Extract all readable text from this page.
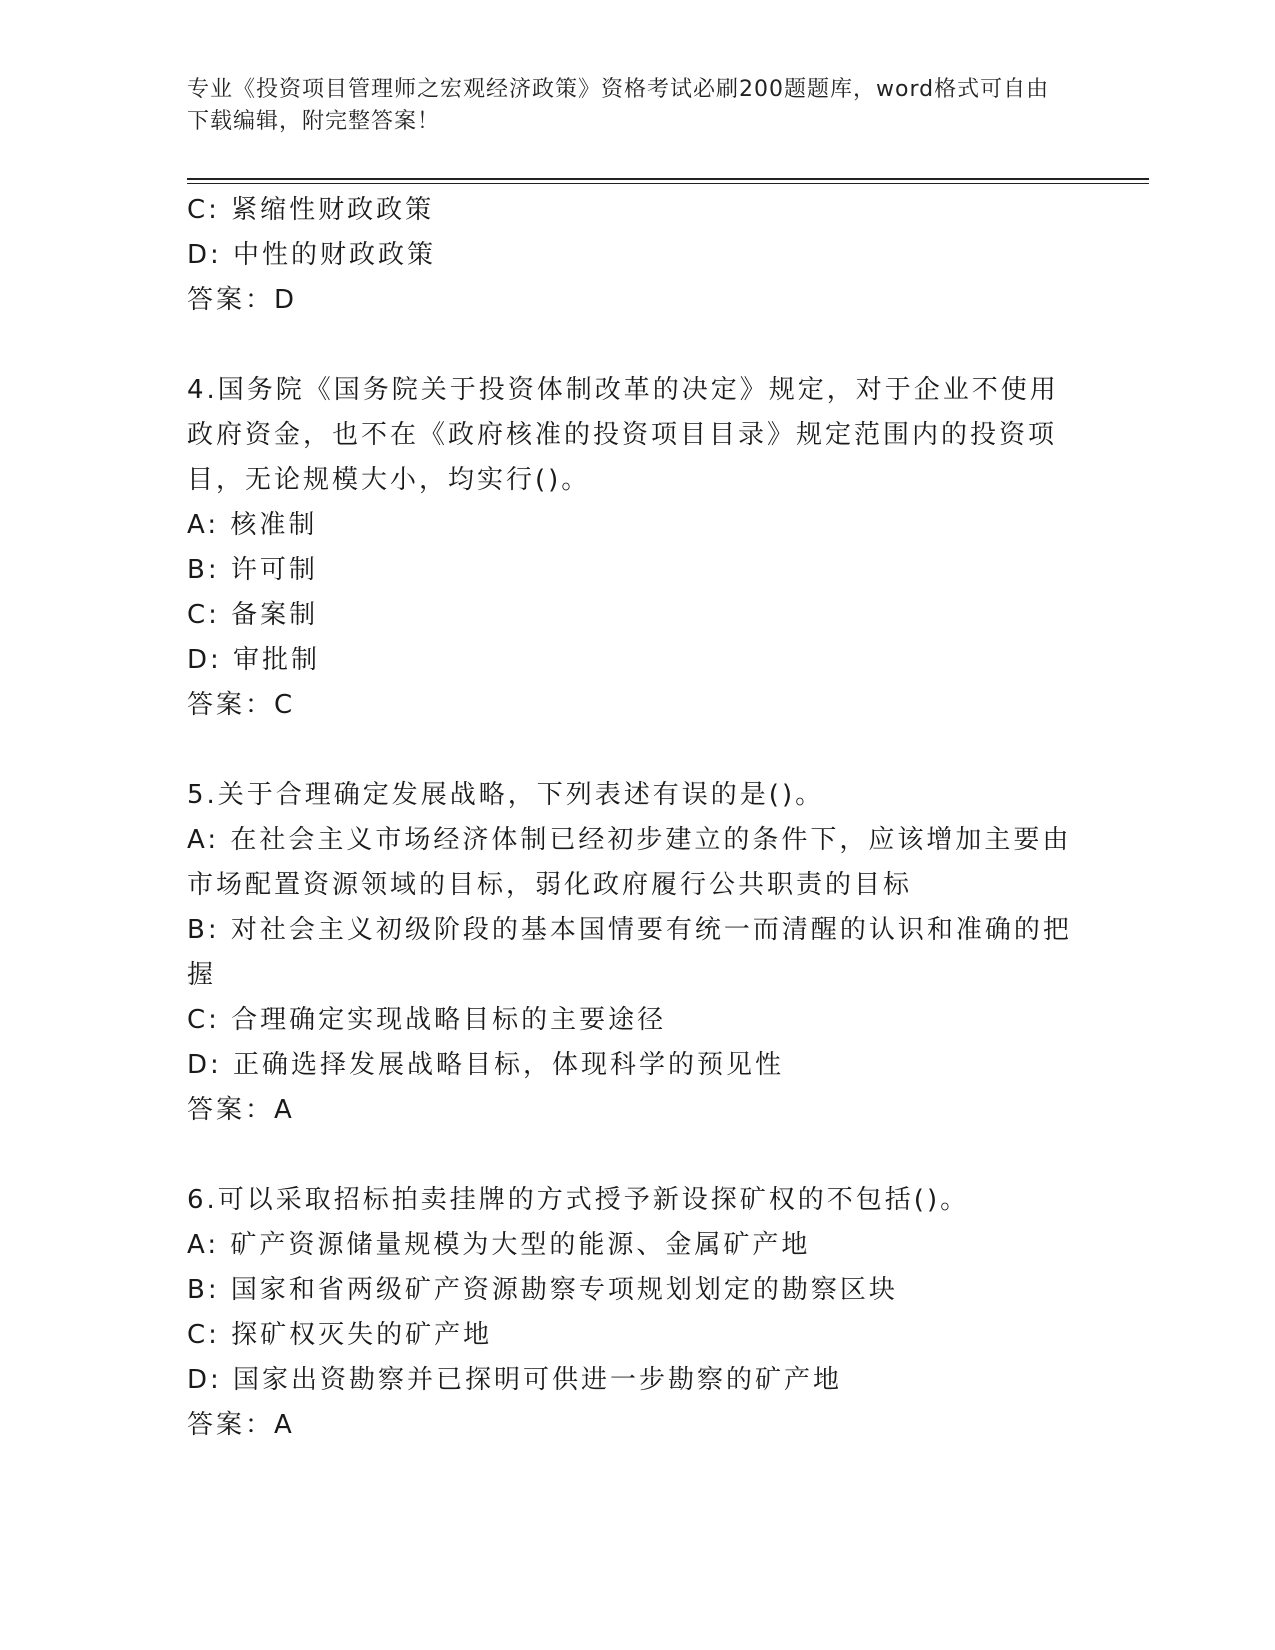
专业《投资项目管理师之宏观经济政策》资格考试必刷200题题库，word格式可自由下载编辑，附完整答案！

C: 紧缩性财政政策

D: 中性的财政政策

答案：D

4.国务院《国务院关于投资体制改革的决定》规定，对于企业不使用政府资金，也不在《政府核准的投资项目目录》规定范围内的投资项目，无论规模大小，均实行()。

A: 核准制

B: 许可制

C: 备案制

D: 审批制

答案：C

5.关于合理确定发展战略，下列表述有误的是()。

A: 在社会主义市场经济体制已经初步建立的条件下，应该增加主要由市场配置资源领域的目标，弱化政府履行公共职责的目标

B: 对社会主义初级阶段的基本国情要有统一而清醒的认识和准确的把握

C: 合理确定实现战略目标的主要途径

D: 正确选择发展战略目标，体现科学的预见性

答案：A

6.可以采取招标拍卖挂牌的方式授予新设探矿权的不包括()。

A: 矿产资源储量规模为大型的能源、金属矿产地

B: 国家和省两级矿产资源勘察专项规划划定的勘察区块

C: 探矿权灭失的矿产地

D: 国家出资勘察并已探明可供进一步勘察的矿产地

答案：A
